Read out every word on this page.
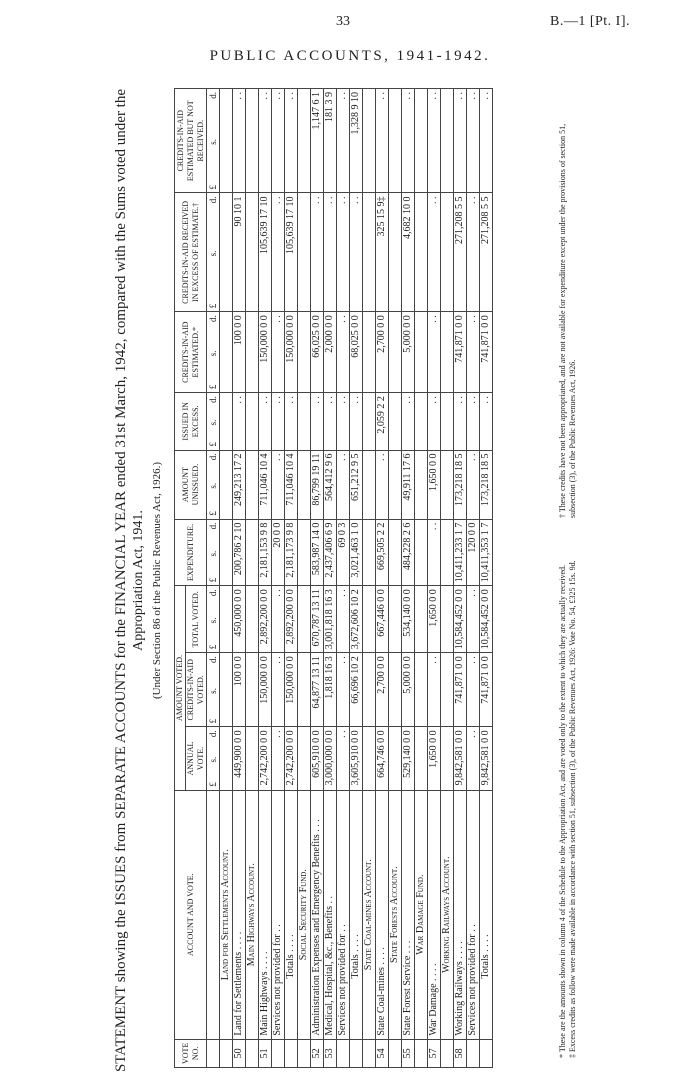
33	B.—1 [Pt. I].
PUBLIC ACCOUNTS, 1941-1942.
STATEMENT showing the ISSUES from SEPARATE ACCOUNTS for the FINANCIAL YEAR ended 31st March, 1942, compared with the Sums voted under the Appropriation Act, 1941. (Under Section 86 of the Public Revenues Act, 1926.)
VOTE NO.	ACCOUNT AND VOTE.	AMOUNT VOTED.			EXPENDITURE.	AMOUNT UNISSUED.	ISSUED IN EXCESS.	CREDITS-IN-AID ESTIMATED.*	CREDITS-IN-AID RECEIVED IN EXCESS OF ESTIMATE.†	CREDITS-IN-AID ESTIMATED BUT NOT RECEIVED.
		ANNUAL VOTE.	CREDITS-IN-AID VOTED.	TOTAL VOTED.						

		£
s.
d.	£
s.
d.	£
s.
d.	£
s.
d.	£
s.
d.	£
s.
d.	£
s.
d.	£
s.
d.	£
s.
d.

	Land for Settlements Account.									
50	Land for Settlements . . . .	449,900 0 0	100 0 0	450,000 0 0	200,786 2 10	249,213 17 2	. .	100 0 0	90 10 1	. .
	Main Highways Account.									
51	Main Highways . . . .	2,742,200 0 0	150,000 0 0	2,892,200 0 0	2,181,153 9 8	711,046 10 4	. .	150,000 0 0	105,639 17 10	. .
	Services not provided for . .	. .	. .	. .	20 0 0	. .	. .	. .	. .	. .
	Totals . . . .	2,742,200 0 0	150,000 0 0	2,892,200 0 0	2,181,173 9 8	711,046 10 4	. .	150,000 0 0	105,639 17 10	. .
	Social Security Fund.									
52	Administration Expenses and Emergency Benefits . . .	605,910 0 0	64,877 13 11	670,787 13 11	583,987 14 0	86,799 19 11	. .	66,025 0 0	. .	1,147 6 1
53	Medical, Hospital, &c., Benefits . .	3,000,000 0 0	1,818 16 3	3,001,818 16 3	2,437,406 6 9	564,412 9 6	. .	2,000 0 0	. .	181 3 9
	Services not provided for . .	. .	. .	. .	69 0 3	. .	. .	. .	. .	. .
	Totals . . . .	3,605,910 0 0	66,696 10 2	3,672,606 10 2	3,021,463 1 0	651,212 9 5	. .	68,025 0 0	. .	1,328 9 10
	State Coal-mines Account.									
54	State Coal-mines . . . .	664,746 0 0	2,700 0 0	667,446 0 0	669,505 2 2	. .	2,059 2 2	2,700 0 0	325 15 9‡	. .
	State Forests Account.									
55	State Forest Service . . .	529,140 0 0	5,000 0 0	534,140 0 0	484,228 2 6	49,911 17 6	. .	5,000 0 0	4,682 10 0	. .
	War Damage Fund.									
57	War Damage . . . .	1,650 0 0	. .	1,650 0 0	. .	1,650 0 0	. .	. .	. .	. .
	Working Railways Account.									
58	Working Railways . . . .	9,842,581 0 0	741,871 0 0	10,584,452 0 0	10,411,233 1 7	173,218 18 5	. .	741,871 0 0	271,208 5 5	. .
	Services not provided for . .	. .	. .	. .	120 0 0	. .	. .	. .	. .	. .
	Totals . . . .	9,842,581 0 0	741,871 0 0	10,584,452 0 0	10,411,353 1 7	173,218 18 5	. .	741,871 0 0	271,208 5 5	. .
* These are the amounts shown in column 4 of the Schedule to the Appropriation Act, and are voted only to the extent to which they are actually received.
† These credits have not been appropriated, and are not available for expenditure except under the provisions of section 51, subsection (3), of the Public Revenues Act, 1926.
‡ Excess credits as follow were made available in accordance with section 51, subsection (3), of the Public Revenues Act, 1926: Vote No. 54, £325 15s. 9d.
